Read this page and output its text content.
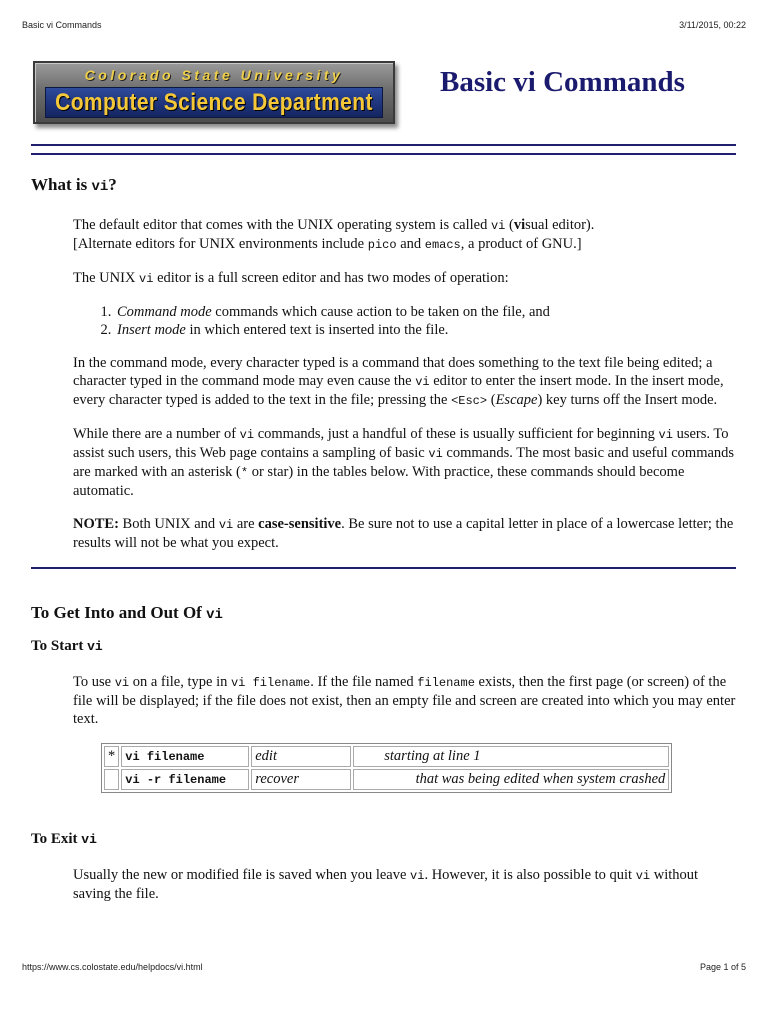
Basic vi Commands	3/11/2015, 00:22
Colorado State University
Computer Science Department
Basic vi Commands
What is vi?

The default editor that comes with the UNIX operating system is called vi (visual editor).
[Alternate editors for UNIX environments include pico and emacs, a product of GNU.]

The UNIX vi editor is a full screen editor and has two modes of operation:

1. Command mode commands which cause action to be taken on the file, and
2. Insert mode in which entered text is inserted into the file.

In the command mode, every character typed is a command that does something to the text file being edited; a character typed in the command mode may even cause the vi editor to enter the insert mode. In the insert mode, every character typed is added to the text in the file; pressing the <Esc> (Escape) key turns off the Insert mode.

While there are a number of vi commands, just a handful of these is usually sufficient for beginning vi users. To assist such users, this Web page contains a sampling of basic vi commands. The most basic and useful commands are marked with an asterisk (* or star) in the tables below. With practice, these commands should become automatic.

NOTE: Both UNIX and vi are case-sensitive. Be sure not to use a capital letter in place of a lowercase letter; the results will not be what you expect.

To Get Into and Out Of vi
To Start vi

To use vi on a file, type in vi filename. If the file named filename exists, then the first page (or screen) of the file will be displayed; if the file does not exist, then an empty file and screen are created into which you may enter text.

*	vi filename	edit	starting at line 1
	vi -r filename	recover	that was being edited when system crashed
To Exit vi

Usually the new or modified file is saved when you leave vi. However, it is also possible to quit vi without saving the file.

https://www.cs.colostate.edu/helpdocs/vi.html	Page 1 of 5
